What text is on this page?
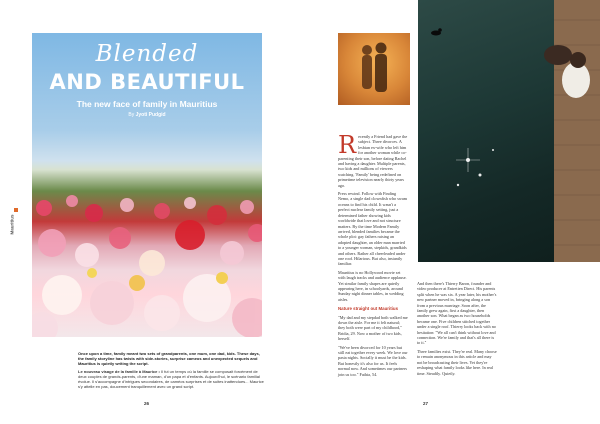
Blended
AND BEAUTIFUL
The new face of family in Mauritius
By Jyoti Pudgid
Mauritius
Once upon a time, family meant two sets of grandparents, one mum, one dad, kids. These days, the family storyline has twists with side-stories, surprise cameos and unexpected sequels and Mauritius is quietly writing the script.
Le nouveau visage de la famille à Maurice • Il fut un temps où la famille se composait forcément de deux couples de grands-parents, d'une maman, d'un papa et d'enfants. Aujourd'hui, le scénario familial évolue. Il s'accompagne d'intrigues secondaires, de caméos surprises et de suites inattendues... Maurice s'y attelle en pas, doucement tranquillement avec un grand script.
26

Recently a Friend had gave the subject. Three divorces. A lesbian ex-wife who left him for another woman while co-parenting their son, before dating Rachel and having a daughter. Multiple parents, two kids and millions of viewers watching. 'Family' being redefined on primetime television nearly thirty years ago.

Press rewind. Follow with Finding Nemo, a single dad clownfish who swam oceans to find his child. It wasn't a perfect nuclear family setting, just a determined father showing kids worldwide that love and not structure matters. By the time Modern Family arrived, blended families became the whole plot: gay fathers raising an adopted daughter, an older man married to a younger woman, stepkids, grandkids and others. Rather all cheerleaded under one roof. Hilarious. But also, instantly familiar.

Mauritius is no Hollywood movie set with laugh tracks and audience applause. Yet similar family shapes are quietly appearing here, in schoolyards, around Sunday night dinner tables, in wedding aisles.

Nature straight out Mauritius

"My dad and my stepdad both walked me down the aisle. For me it felt natural; they both were part of my childhood," Bridia, 29. Now a mother of two kids, herself.

"We've been divorced for 10 years but still eat together every week. We love our pasta nights. Socially it must be the kids. But honestly it's also for us. It feels normal now. And sometimes our partners join us too." Fathia, 54.

And then there's Thierry Baron, founder and video producer at Entretien Direct. His parents split when he was six. A year later, his mother's new partner moved in, bringing along a son from a previous marriage. Soon after, the family grew again, first a daughter, then another son. What began as two households became one. Five children stitched together under a single roof. Thierry looks back with no hesitation: "We all can't think without love and connection. We're family and that's all there is to it."

Three families exist. They're real. Many choose to remain anonymous in this article and may not be broadcasting their lives. Yet they're reshaping what family looks like here. In real time. Steadily. Quietly.

27
